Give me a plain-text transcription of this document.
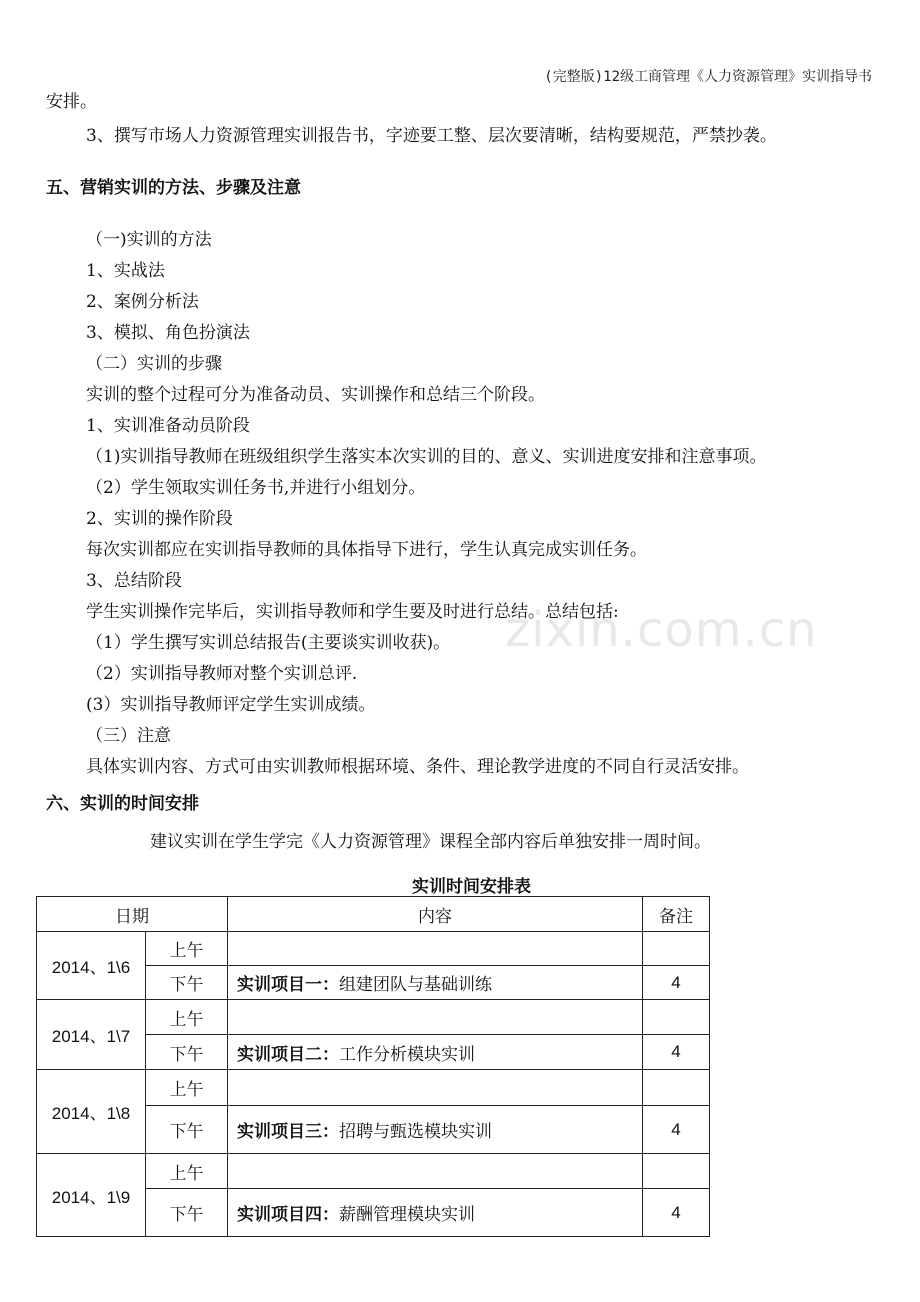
(完整版)12级工商管理《人力资源管理》实训指导书
安排。
3、撰写市场人力资源管理实训报告书，字迹要工整、层次要清晰，结构要规范，严禁抄袭。
五、营销实训的方法、步骤及注意
（一)实训的方法
1、实战法
2、案例分析法
3、模拟、角色扮演法
（二）实训的步骤
实训的整个过程可分为准备动员、实训操作和总结三个阶段。
1、实训准备动员阶段
（1)实训指导教师在班级组织学生落实本次实训的目的、意义、实训进度安排和注意事项。
（2）学生领取实训任务书,并进行小组划分。
2、实训的操作阶段
每次实训都应在实训指导教师的具体指导下进行，学生认真完成实训任务。
3、总结阶段
学生实训操作完毕后，实训指导教师和学生要及时进行总结。总结包括:
（1）学生撰写实训总结报告(主要谈实训收获)。
（2）实训指导教师对整个实训总评.
(3）实训指导教师评定学生实训成绩。
（三）注意
具体实训内容、方式可由实训教师根据环境、条件、理论教学进度的不同自行灵活安排。
六、实训的时间安排
建议实训在学生学完《人力资源管理》课程全部内容后单独安排一周时间。
zixin.com.cn
实训时间安排表
日期		内容	备注
2014、1\6	上午		
	下午	实训项目一：组建团队与基础训练	4
2014、1\7	上午		
	下午	实训项目二：工作分析模块实训	4
2014、1\8	上午		
	下午	实训项目三：招聘与甄选模块实训	4
2014、1\9	上午		
	下午	实训项目四：薪酬管理模块实训	4
